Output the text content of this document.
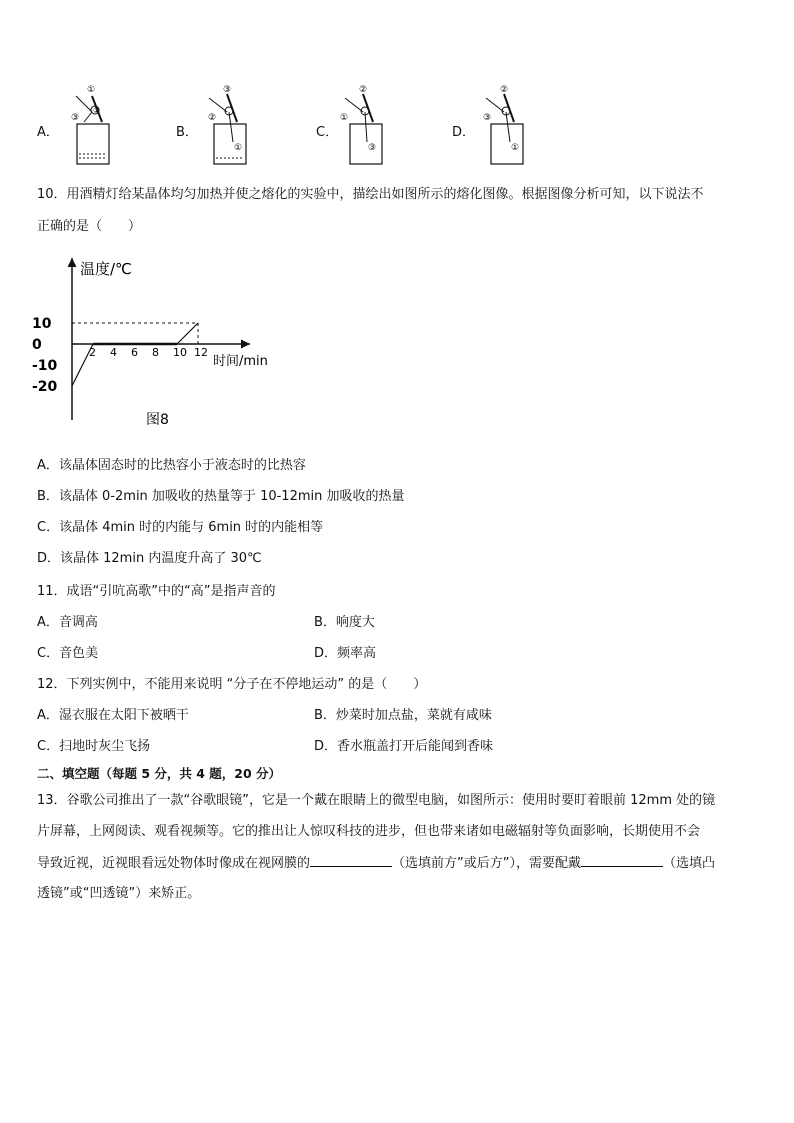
A．
①
③
②
B．
③
②
①
C．
②
①
③
D．
②
③
①
10．用酒精灯给某晶体均匀加热并使之熔化的实验中，描绘出如图所示的熔化图像。根据图像分析可知，以下说法不
正确的是（　　）
温度/℃
时间/min
2 4 6 8 10 12
10
0
-10
-20
图8
A．该晶体固态时的比热容小于液态时的比热容
B．该晶体 0-2min 加吸收的热量等于 10-12min 加吸收的热量
C．该晶体 4min 时的内能与 6min 时的内能相等
D．该晶体 12min 内温度升高了 30℃
11．成语“引吭高歌”中的“高”是指声音的
A．音调高	B．响度大
C．音色美	D．频率高
12．下列实例中，不能用来说明 “分子在不停地运动” 的是（　　）
A．湿衣服在太阳下被晒干	B．炒菜时加点盐，菜就有咸味
C．扫地时灰尘飞扬	D．香水瓶盖打开后能闻到香味
二、填空题（每题 5 分，共 4 题，20 分）
13．谷歌公司推出了一款“谷歌眼镜”，它是一个戴在眼睛上的微型电脑，如图所示：使用时要盯着眼前 12mm 处的镜
片屏幕，上网阅读、观看视频等。它的推出让人惊叹科技的进步，但也带来诸如电磁辐射等负面影响，长期使用不会
导致近视，近视眼看远处物体时像成在视网膜的	（选填前方”或后方”），需要配戴	（选填凸
透镜”或“凹透镜”）来矫正。
